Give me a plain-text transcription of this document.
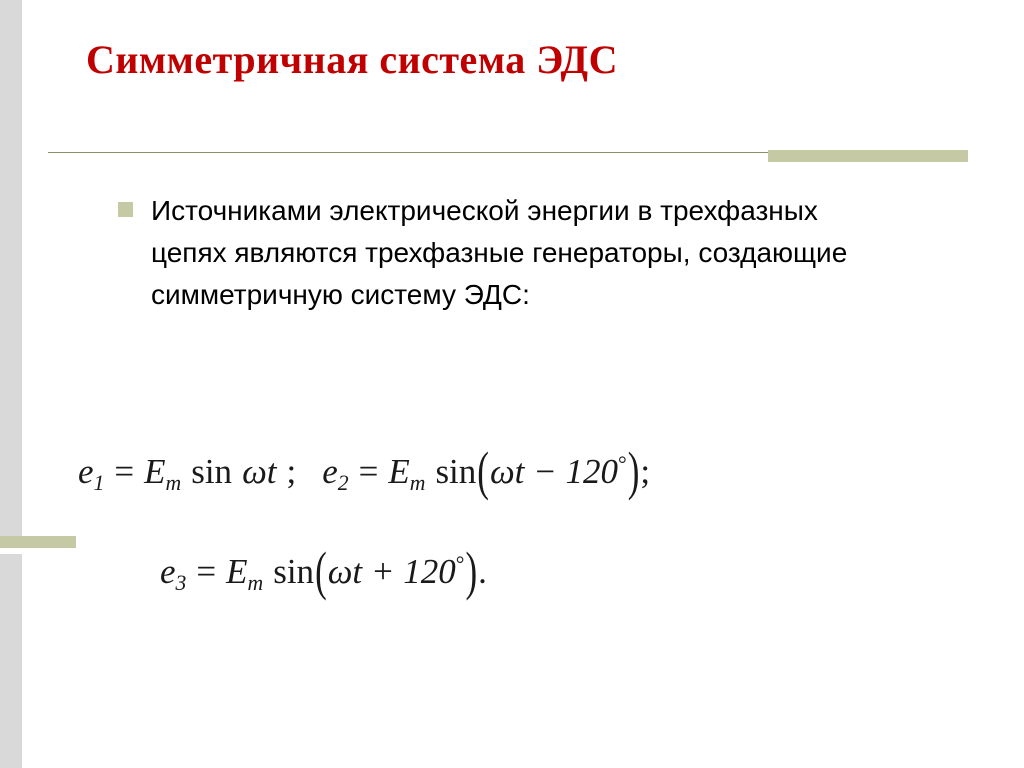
Симметричная система ЭДС
Источниками электрической энергии в трехфазных цепях являются трехфазные генераторы, создающие симметричную систему ЭДС:
$e_1 = E_m$ sin ωt ; $e_2 = E_m$ sin(ωt − 120°);
$e_3 = E_m$ sin(ωt + 120°).
